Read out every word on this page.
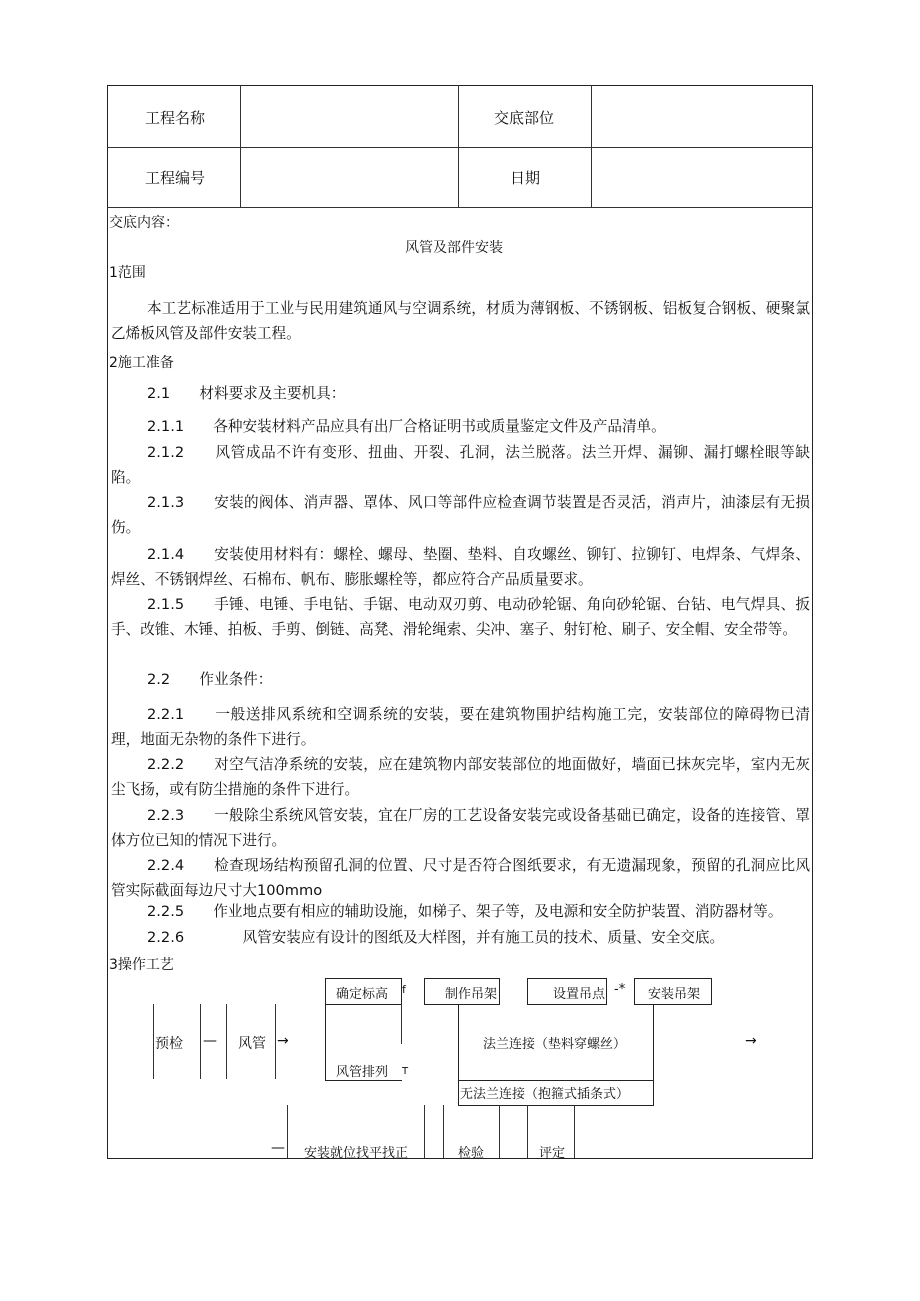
工程名称	交底部位
工程编号	日期
交底内容：
风管及部件安装
1范围
本工艺标准适用于工业与民用建筑通风与空调系统，材质为薄钢板、不锈钢板、铝板复合钢板、硬聚氯乙烯板风管及部件安装工程。
2施工准备
2.1　　材料要求及主要机具：
2.1.1　　各种安装材料产品应具有出厂合格证明书或质量鉴定文件及产品清单。
2.1.2　　风管成品不许有变形、扭曲、开裂、孔洞，法兰脱落。法兰开焊、漏铆、漏打螺栓眼等缺陷。
2.1.3　　安装的阀体、消声器、罩体、风口等部件应检查调节装置是否灵活，消声片，油漆层有无损伤。
2.1.4　　安装使用材料有：螺栓、螺母、垫圈、垫料、自攻螺丝、铆钉、拉铆钉、电焊条、气焊条、焊丝、不锈钢焊丝、石棉布、帆布、膨胀螺栓等，都应符合产品质量要求。
2.1.5　　手锤、电锤、手电钻、手锯、电动双刃剪、电动砂轮锯、角向砂轮锯、台钻、电气焊具、扳手、改锥、木锤、拍板、手剪、倒链、高凳、滑轮绳索、尖冲、塞子、射钉枪、刷子、安全帽、安全带等。
2.2　　作业条件：
2.2.1　　一般送排风系统和空调系统的安装，要在建筑物围护结构施工完，安装部位的障碍物已清理，地面无杂物的条件下进行。
2.2.2　　对空气洁净系统的安装，应在建筑物内部安装部位的地面做好，墙面已抹灰完毕，室内无灰尘飞扬，或有防尘措施的条件下进行。
2.2.3　　一般除尘系统风管安装，宜在厂房的工艺设备安装完或设备基础已确定，设备的连接管、罩体方位已知的情况下进行。
2.2.4　　检查现场结构预留孔洞的位置、尺寸是否符合图纸要求，有无遗漏现象，预留的孔洞应比风管实际截面每边尺寸大100mmo
2.2.5　　作业地点要有相应的辅助设施，如梯子、架子等，及电源和安全防护装置、消防器材等。
2.2.6　　　　风管安装应有设计的图纸及大样图，并有施工员的技术、质量、安全交底。
3操作工艺
预检 — 风管 →
确定标高 f
风管排列 T
制作吊架	设置吊点 -* 安装吊架
法兰连接（垫料穿螺丝）
无法兰连接（抱箍式插条式）
→
— 安装就位找平找正	检验	评定
